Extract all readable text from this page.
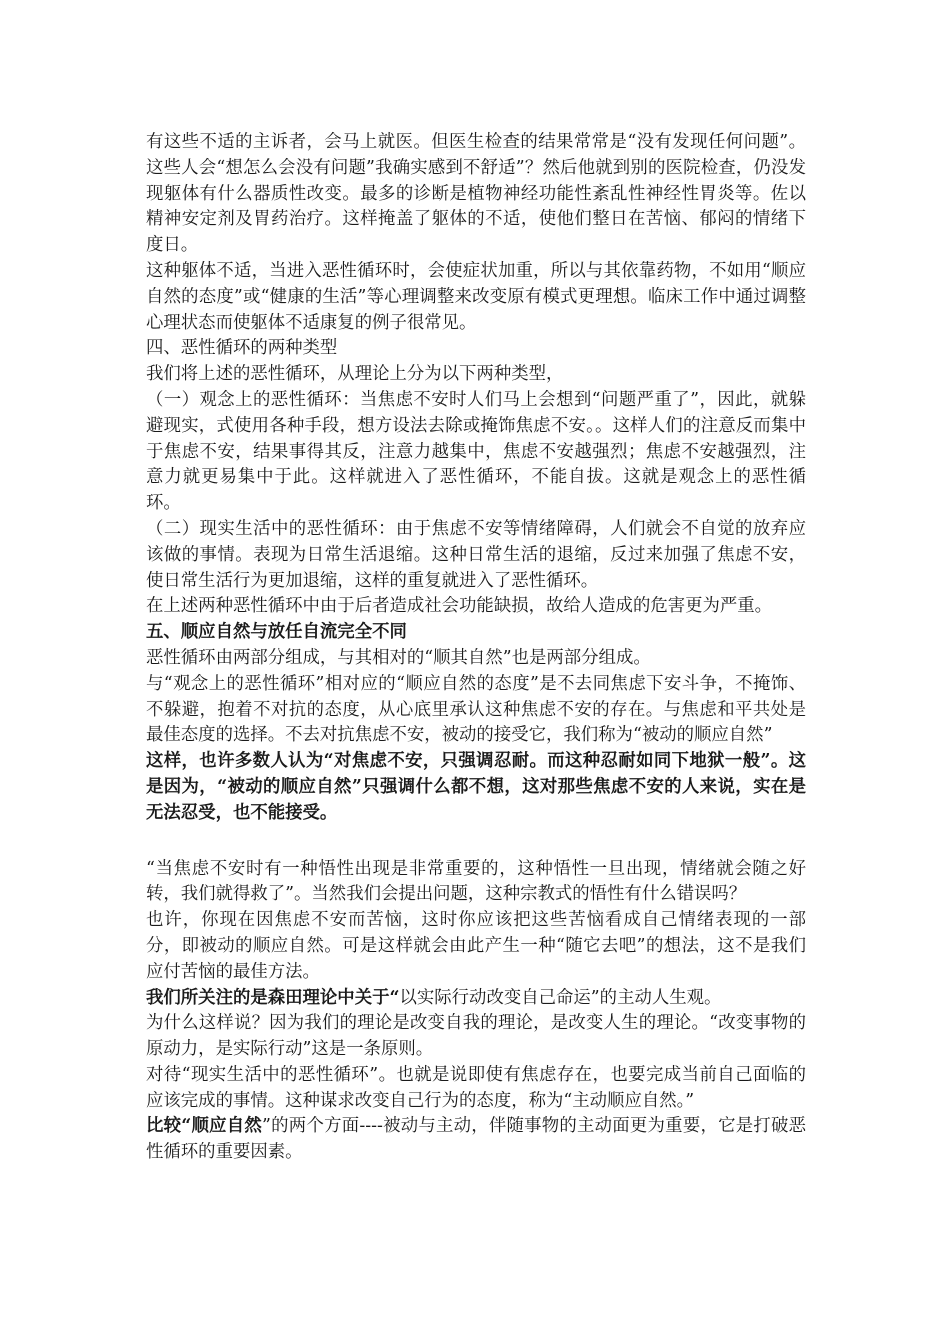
有这些不适的主诉者，会马上就医。但医生检查的结果常常是“没有发现任何问题”。这些人会“想怎么会没有问题”我确实感到不舒适”？然后他就到别的医院检查，仍没发现躯体有什么器质性改变。最多的诊断是植物神经功能性紊乱性神经性胃炎等。佐以精神安定剂及胃药治疗。这样掩盖了躯体的不适，使他们整日在苦恼、郁闷的情绪下度日。

这种躯体不适，当进入恶性循环时，会使症状加重，所以与其依靠药物，不如用“顺应自然的态度”或“健康的生活”等心理调整来改变原有模式更理想。临床工作中通过调整心理状态而使躯体不适康复的例子很常见。

四、恶性循环的两种类型

我们将上述的恶性循环，从理论上分为以下两种类型，

（一）观念上的恶性循环：当焦虑不安时人们马上会想到“问题严重了”，因此，就躲避现实，式使用各种手段，想方设法去除或掩饰焦虑不安。。这样人们的注意反而集中于焦虑不安，结果事得其反，注意力越集中，焦虑不安越强烈；焦虑不安越强烈，注意力就更易集中于此。这样就进入了恶性循环，不能自拔。这就是观念上的恶性循环。

（二）现实生活中的恶性循环：由于焦虑不安等情绪障碍，人们就会不自觉的放弃应该做的事情。表现为日常生活退缩。这种日常生活的退缩，反过来加强了焦虑不安，使日常生活行为更加退缩，这样的重复就进入了恶性循环。

在上述两种恶性循环中由于后者造成社会功能缺损，故给人造成的危害更为严重。

五、顺应自然与放任自流完全不同

恶性循环由两部分组成，与其相对的“顺其自然”也是两部分组成。

与“观念上的恶性循环”相对应的“顺应自然的态度”是不去同焦虑下安斗争，不掩饰、不躲避，抱着不对抗的态度，从心底里承认这种焦虑不安的存在。与焦虑和平共处是最佳态度的选择。不去对抗焦虑不安，被动的接受它，我们称为“被动的顺应自然”

这样，也许多数人认为“对焦虑不安，只强调忍耐。而这种忍耐如同下地狱一般”。这是因为，“被动的顺应自然”只强调什么都不想，这对那些焦虑不安的人来说，实在是无法忍受，也不能接受。

“当焦虑不安时有一种悟性出现是非常重要的，这种悟性一旦出现，情绪就会随之好转，我们就得救了”。当然我们会提出问题，这种宗教式的悟性有什么错误吗？

也许，你现在因焦虑不安而苦恼，这时你应该把这些苦恼看成自己情绪表现的一部分，即被动的顺应自然。可是这样就会由此产生一种“随它去吧”的想法，这不是我们应付苦恼的最佳方法。

我们所关注的是森田理论中关于“以实际行动改变自己命运”的主动人生观。

为什么这样说？因为我们的理论是改变自我的理论，是改变人生的理论。“改变事物的原动力，是实际行动”这是一条原则。

对待“现实生活中的恶性循环”。也就是说即使有焦虑存在，也要完成当前自己面临的应该完成的事情。这种谋求改变自己行为的态度，称为“主动顺应自然。”

比较“顺应自然”的两个方面----被动与主动，伴随事物的主动面更为重要，它是打破恶性循环的重要因素。
